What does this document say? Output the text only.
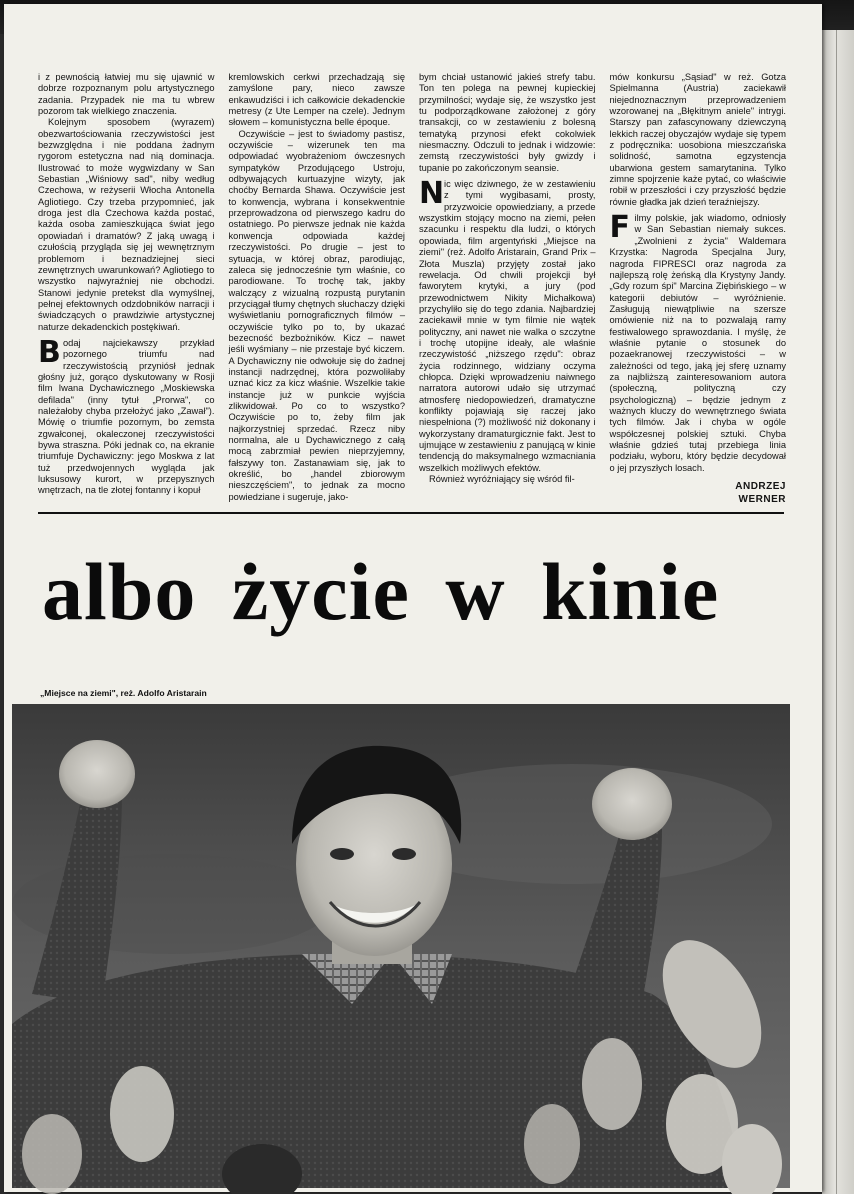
i z pewnością łatwiej mu się ujawnić w dobrze rozpoznanym polu artystycznego zadania. Przypadek nie ma tu wbrew pozorom tak wielkiego znaczenia.

Kolejnym sposobem (wyrazem) obezwartościowania rzeczywistości jest bezwzględna i nie poddana żadnym rygorom estetyczna nad nią dominacja. Ilustrować to może wygwizdany w San Sebastian „Wiśniowy sad", niby według Czechowa, w reżyserii Włocha Antonella Agliotiego. Czy trzeba przypomnieć, jak droga jest dla Czechowa każda postać, każda osoba zamieszkująca świat jego opowiadań i dramatów? Z jaką uwagą i czułością przygląda się jej wewnętrznym problemom i beznadziejnej sieci zewnętrznych uwarunkowań? Agliotiego to wszystko najwyraźniej nie obchodzi. Stanowi jedynie pretekst dla wymyślnej, pełnej efektownych odzdobników narracji i świadczących o prawdziwie artystycznej naturze dekadenckich postękiwań.

Bodaj najciekawszy przykład pozornego triumfu nad rzeczywistością przyniósł jednak głośny już, gorąco dyskutowany w Rosji film Iwana Dychawicznego „Moskiewska defilada" (inny tytuł „Prorwa", co należałoby chyba przełożyć jako „Zawał"). Mówię o triumfie pozornym, bo zemsta zgwałconej, okaleczonej rzeczywistości bywa straszna. Póki jednak co, na ekranie triumfuje Dychawiczny: jego Moskwa z lat tuż przedwojennych wygląda jak luksusowy kurort, w przepysznych wnętrzach, na tle złotej fontanny i kopuł

kremlowskich cerkwi przechadzają się zamyślone pary, nieco zawsze enkawudziści i ich całkowicie dekadenckie metresy (z Ute Lemper na czele). Jednym słowem – komunistyczna belle époque.

Oczywiście – jest to świadomy pastisz, oczywiście – wizerunek ten ma odpowiadać wyobrażeniom ówczesnych sympatyków Przodującego Ustroju, odbywających kurtuazyjne wizyty, jak choćby Bernarda Shawa. Oczywiście jest to konwencja, wybrana i konsekwentnie przeprowadzona od pierwszego kadru do ostatniego. Po pierwsze jednak nie każda konwencja odpowiada każdej rzeczywistości. Po drugie – jest to sytuacja, w której obraz, parodiując, zaleca się jednocześnie tym właśnie, co parodiowane. To trochę tak, jakby walczący z wizualną rozpustą purytanin przyciągał tłumy chętnych słuchaczy dzięki wyświetlaniu pornograficznych filmów – oczywiście tylko po to, by ukazać bezecność bezbożników. Kicz – nawet jeśli wyśmiany – nie przestaje być kiczem. A Dychawiczny nie odwołuje się do żadnej instancji nadrzędnej, która pozwoliłaby uznać kicz za kicz właśnie. Wszelkie takie instancje już w punkcie wyjścia zlikwidował. Po co to wszystko? Oczywiście po to, żeby film jak najkorzystniej sprzedać. Rzecz niby normalna, ale u Dychawicznego z całą mocą zabrzmiał pewien nieprzyjemny, fałszywy ton. Zastanawiam się, jak to określić, bo „handel zbiorowym nieszczęściem", to jednak za mocno powiedziane i sugeruje, jako-

bym chciał ustanowić jakieś strefy tabu. Ton ten polega na pewnej kupieckiej przymilności; wydaje się, że wszystko jest tu podporządkowane założonej z góry transakcji, co w zestawieniu z bolesną tematyką przynosi efekt cokolwiek niesmaczny. Odczuli to jednak i widzowie: zemstą rzeczywistości były gwizdy i tupanie po zakończonym seansie.

Nic więc dziwnego, że w zestawieniu z tymi wygibasami, prosty, przyzwoicie opowiedziany, a przede wszystkim stojący mocno na ziemi, pełen szacunku i respektu dla ludzi, o których opowiada, film argentyński „Miejsce na ziemi" (reż. Adolfo Aristarain, Grand Prix – Złota Muszla) przyjęty został jako rewelacja. Od chwili projekcji był faworytem krytyki, a jury (pod przewodnictwem Nikity Michałkowa) przychyliło się do tego zdania. Najbardziej zaciekawił mnie w tym filmie nie wątek polityczny, ani nawet nie walka o szczytne i trochę utopijne ideały, ale właśnie rzeczywistość „niższego rzędu": obraz życia rodzinnego, widziany oczyma chłopca. Dzięki wprowadzeniu naiwnego narratora autorowi udało się utrzymać atmosferę niedopowiedzeń, dramatyczne konflikty pojawiają się raczej jako niespełniona (?) możliwość niż dokonany i wykorzystany dramaturgicznie fakt. Jest to ujmujące w zestawieniu z panującą w kinie tendencją do maksymalnego wzmacniania wszelkich możliwych efektów.

Również wyróżniający się wśród fil-

mów konkursu „Sąsiad" w reż. Gotza Spielmanna (Austria) zaciekawił niejednoznacznym przeprowadzeniem wzorowanej na „Błękitnym aniele" intrygi. Starszy pan zafascynowany dziewczyną lekkich raczej obyczajów wydaje się typem z podręcznika: uosobiona mieszczańska solidność, samotna egzystencja ubarwiona gestem samarytanina. Tylko zimne spojrzenie każe pytać, co właściwie robił w przeszłości i czy przyszłość będzie równie gładka jak dzień teraźniejszy.

Filmy polskie, jak wiadomo, odniosły w San Sebastian niemały sukces. „Zwolnieni z życia" Waldemara Krzystka: Nagroda Specjalna Jury, nagroda FIPRESCI oraz nagroda za najlepszą rolę żeńską dla Krystyny Jandy. „Gdy rozum śpi" Marcina Ziębińskiego – w kategorii debiutów – wyróżnienie. Zasługują niewątpliwie na szersze omówienie niż na to pozwalają ramy festiwalowego sprawozdania. I myślę, że właśnie pytanie o stosunek do pozaekranowej rzeczywistości – w zależności od tego, jaką jej sferę uznamy za najbliższą zainteresowaniom autora (społeczną, polityczną czy psychologiczną) – będzie jednym z ważnych kluczy do wewnętrznego świata tych filmów. Jak i chyba w ogóle współczesnej polskiej sztuki. Chyba właśnie gdzieś tutaj przebiega linia podziału, wyboru, który będzie decydował o jej przyszłych losach.

ANDRZEJ
WERNER
albo życie w kinie
„Miejsce na ziemi", reż. Adolfo Aristarain
